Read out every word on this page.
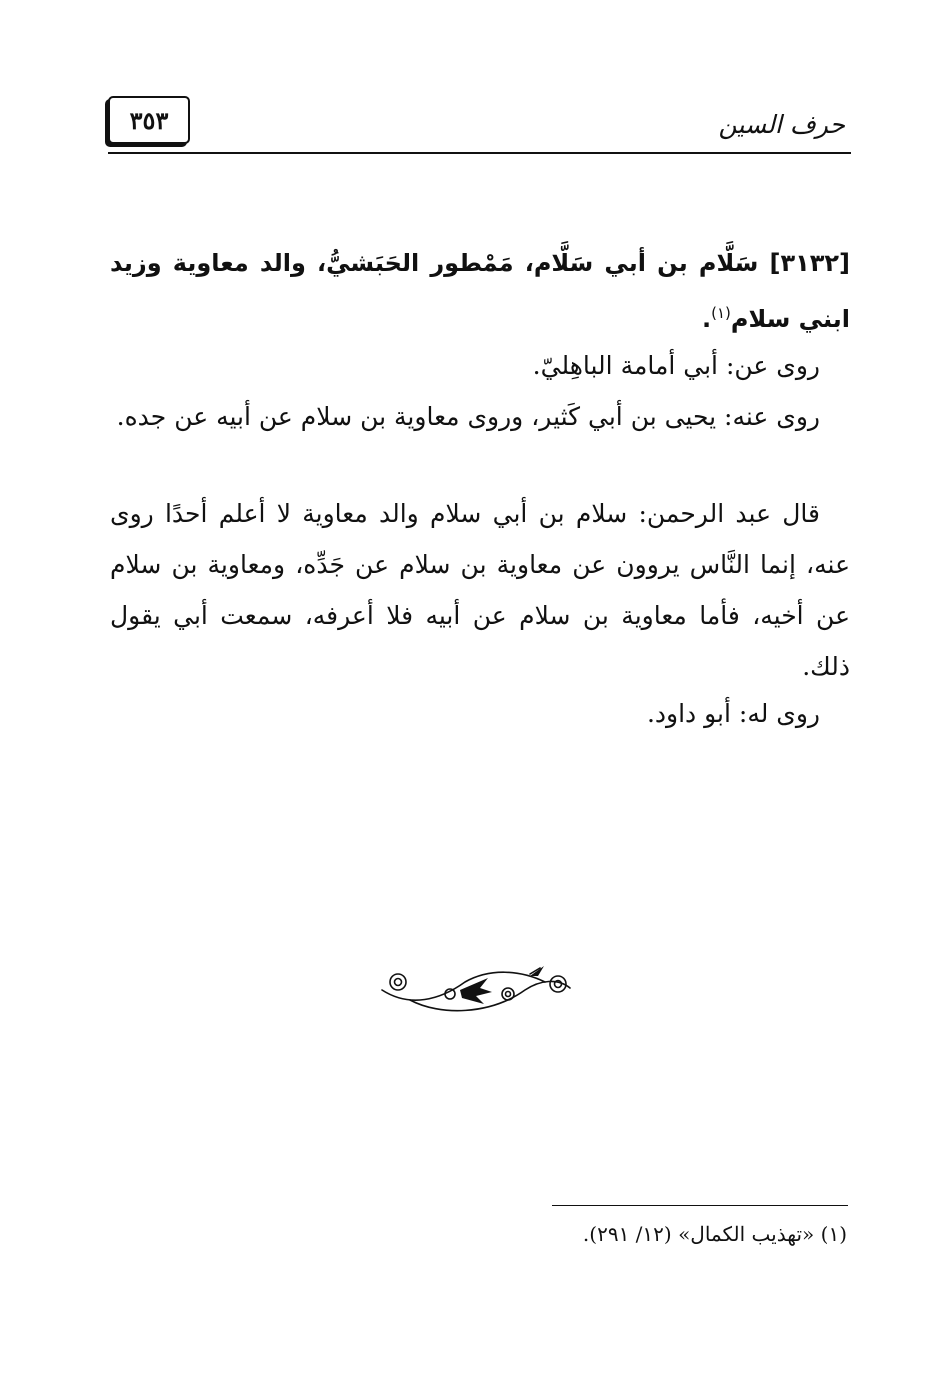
حرف السين
٣٥٣
[٣١٣٢] سَلَّام بن أبي سَلَّام، مَمْطور الحَبَشيُّ، والد معاوية وزيد ابني سلام$^{(١)}$.
روى عن: أبي أمامة الباهِليّ.
روى عنه: يحيى بن أبي كَثير، وروى معاوية بن سلام عن أبيه عن جده.
قال عبد الرحمن: سلام بن أبي سلام والد معاوية لا أعلم أحدًا روى عنه، إنما النَّاس يروون عن معاوية بن سلام عن جَدِّه، ومعاوية بن سلام عن أخيه، فأما معاوية بن سلام عن أبيه فلا أعرفه، سمعت أبي يقول ذلك.
روى له: أبو داود.
(١) «تهذيب الكمال» (١٢/ ٢٩١).
